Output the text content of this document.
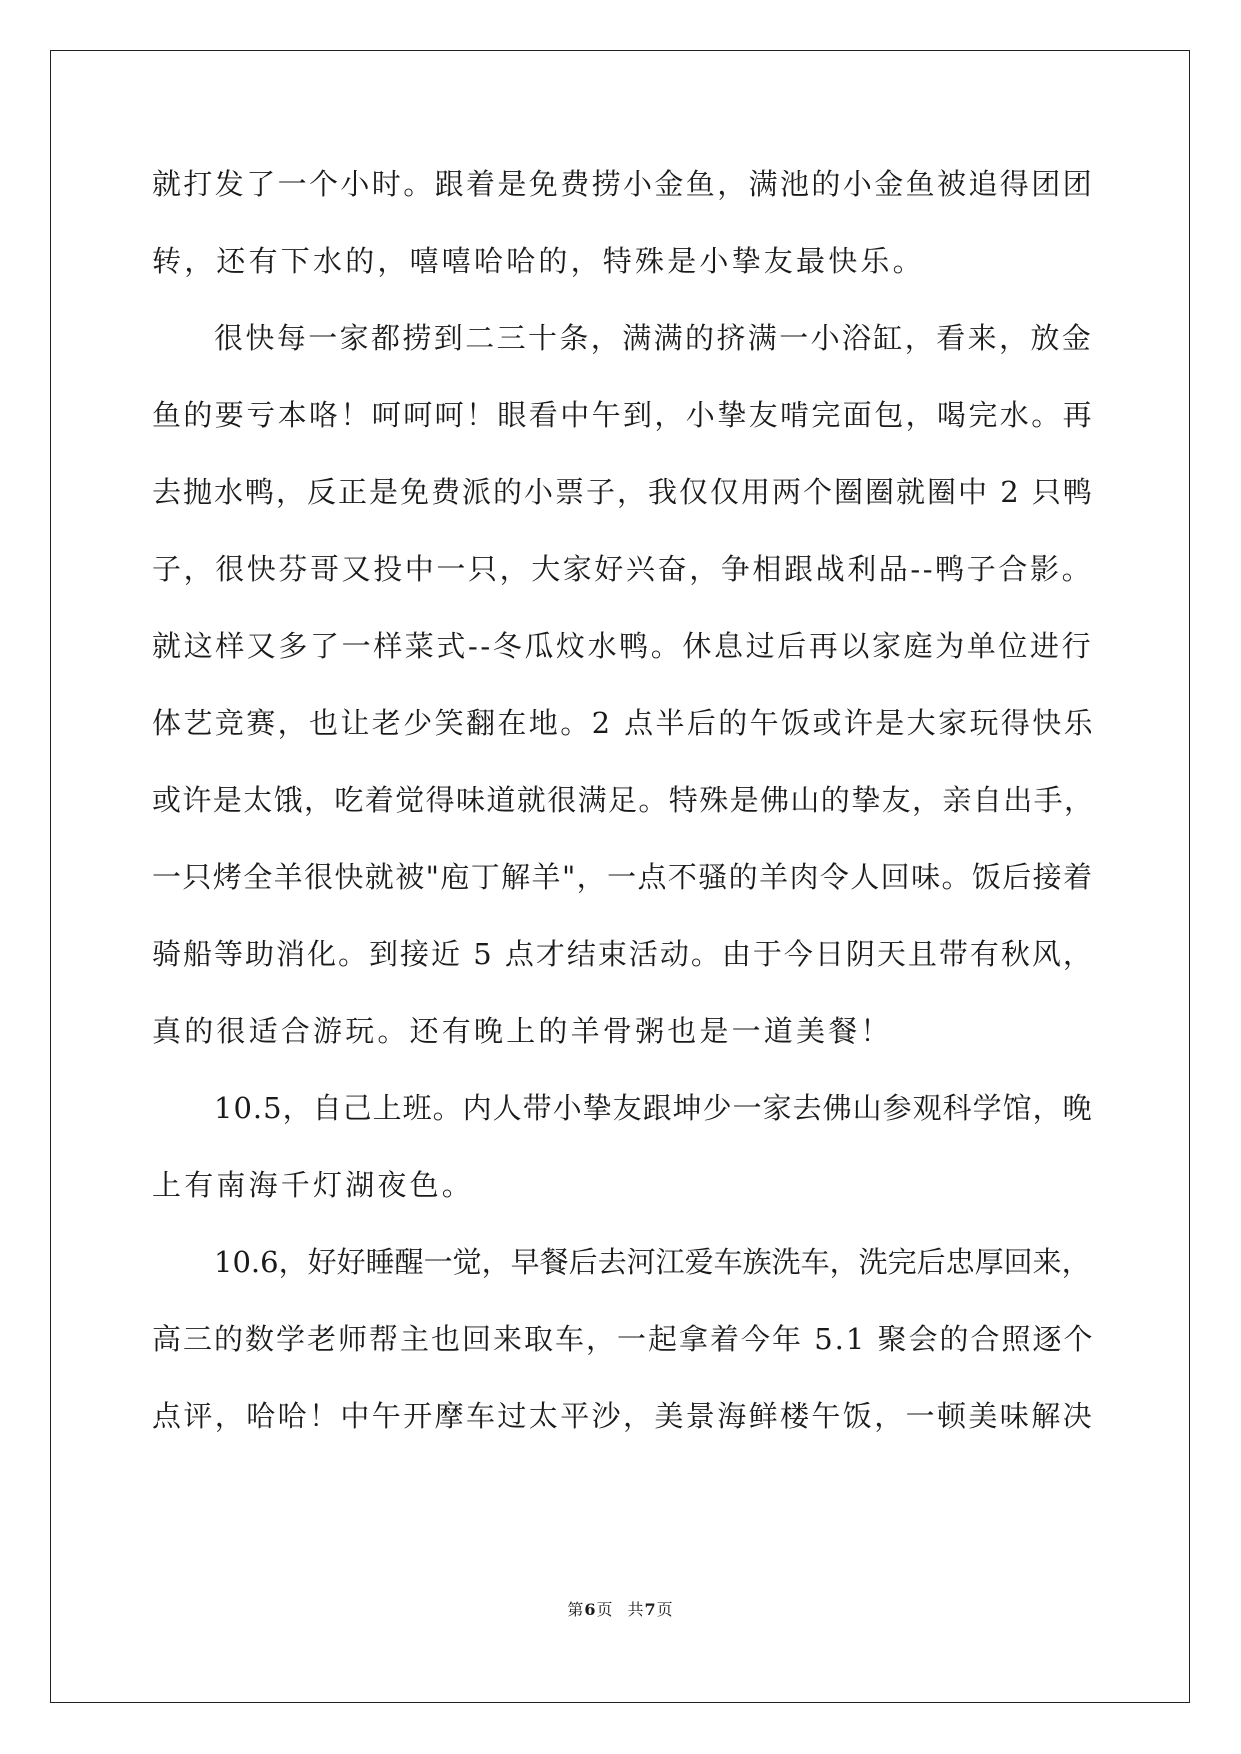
就打发了一个小时。跟着是免费捞小金鱼，满池的小金鱼被追得团团
转，还有下水的，嘻嘻哈哈的，特殊是小挚友最快乐。
很快每一家都捞到二三十条，满满的挤满一小浴缸，看来，放金
鱼的要亏本咯！呵呵呵！眼看中午到，小挚友啃完面包，喝完水。再
去抛水鸭，反正是免费派的小票子，我仅仅用两个圈圈就圈中 2 只鸭
子，很快芬哥又投中一只，大家好兴奋，争相跟战利品--鸭子合影。
就这样又多了一样菜式--冬瓜炆水鸭。休息过后再以家庭为单位进行
体艺竞赛，也让老少笑翻在地。2 点半后的午饭或许是大家玩得快乐
或许是太饿，吃着觉得味道就很满足。特殊是佛山的挚友，亲自出手，
一只烤全羊很快就被"庖丁解羊"，一点不骚的羊肉令人回味。饭后接着
骑船等助消化。到接近 5 点才结束活动。由于今日阴天且带有秋风，
真的很适合游玩。还有晚上的羊骨粥也是一道美餐！
10.5，自己上班。内人带小挚友跟坤少一家去佛山参观科学馆，晚
上有南海千灯湖夜色。
10.6，好好睡醒一觉，早餐后去河江爱车族洗车，洗完后忠厚回来，
高三的数学老师帮主也回来取车，一起拿着今年 5.1 聚会的合照逐个
点评，哈哈！中午开摩车过太平沙，美景海鲜楼午饭，一顿美味解决
第6页 共7页
